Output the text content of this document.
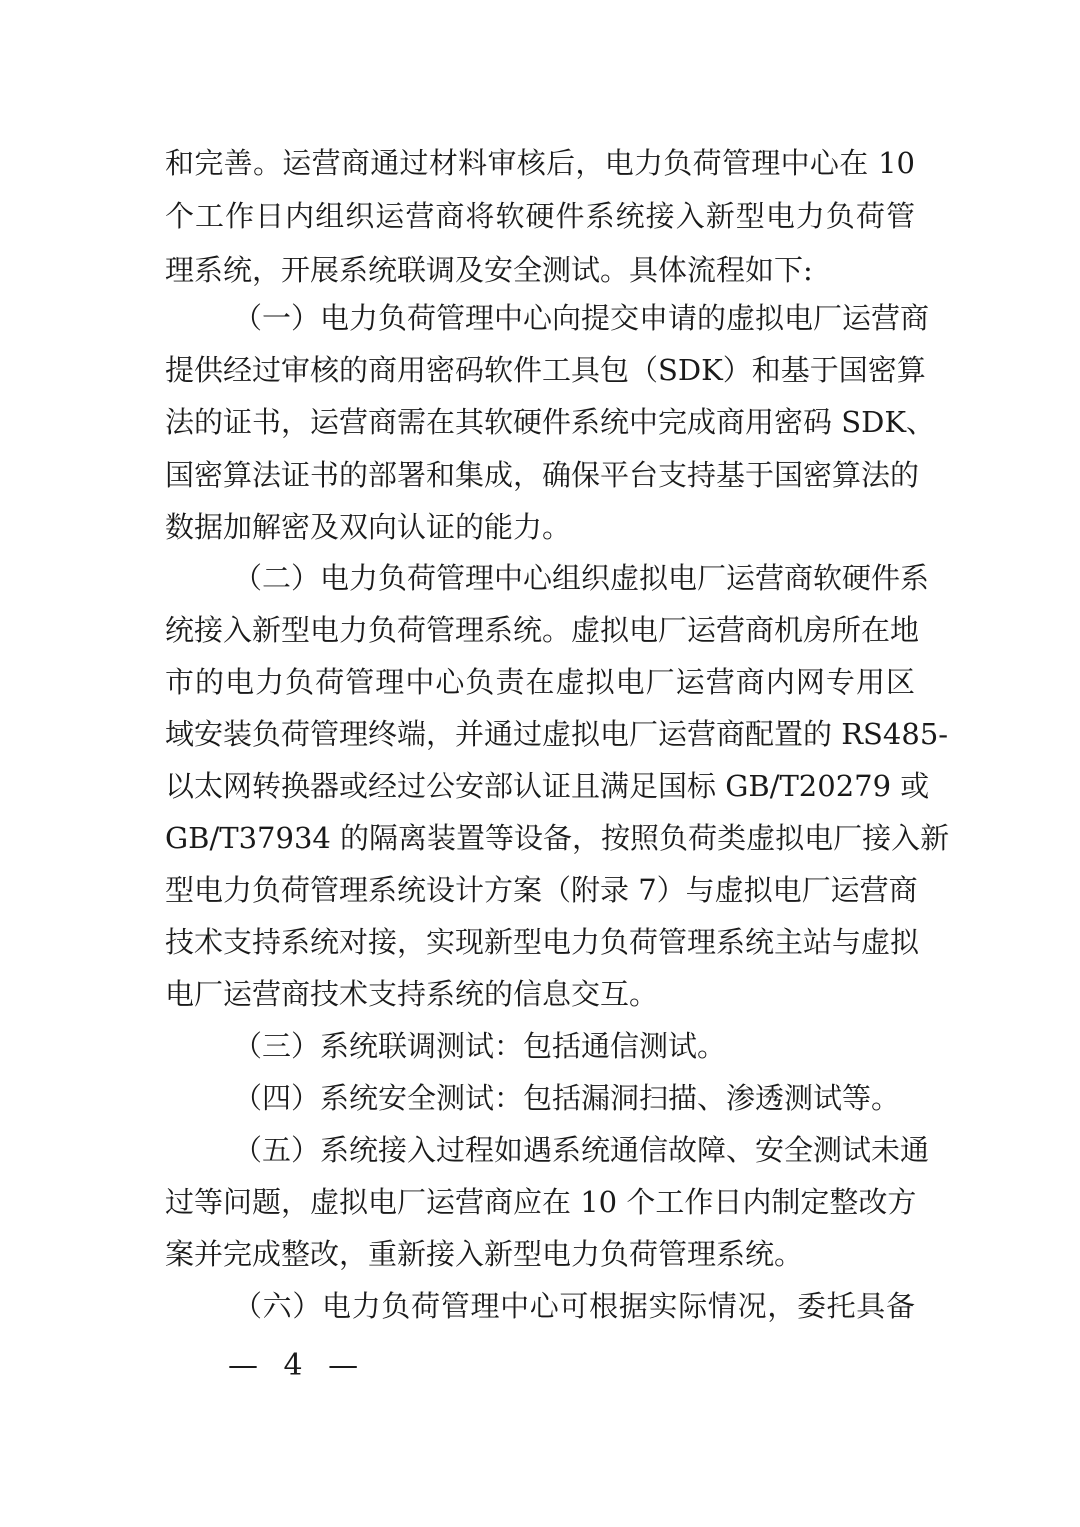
和完善。运营商通过材料审核后，电力负荷管理中心在 10
个工作日内组织运营商将软硬件系统接入新型电力负荷管
理系统，开展系统联调及安全测试。具体流程如下:
（一）电力负荷管理中心向提交申请的虚拟电厂运营商
提供经过审核的商用密码软件工具包（SDK）和基于国密算
法的证书，运营商需在其软硬件系统中完成商用密码 SDK、
国密算法证书的部署和集成，确保平台支持基于国密算法的
数据加解密及双向认证的能力。
（二）电力负荷管理中心组织虚拟电厂运营商软硬件系
统接入新型电力负荷管理系统。虚拟电厂运营商机房所在地
市的电力负荷管理中心负责在虚拟电厂运营商内网专用区
域安装负荷管理终端，并通过虚拟电厂运营商配置的 RS485-
以太网转换器或经过公安部认证且满足国标 GB/T20279 或
GB/T37934 的隔离装置等设备，按照负荷类虚拟电厂接入新
型电力负荷管理系统设计方案（附录 7）与虚拟电厂运营商
技术支持系统对接，实现新型电力负荷管理系统主站与虚拟
电厂运营商技术支持系统的信息交互。
（三）系统联调测试：包括通信测试。
（四）系统安全测试：包括漏洞扫描、渗透测试等。
（五）系统接入过程如遇系统通信故障、安全测试未通
过等问题，虚拟电厂运营商应在 10 个工作日内制定整改方
案并完成整改，重新接入新型电力负荷管理系统。
（六）电力负荷管理中心可根据实际情况，委托具备
— 4 —
